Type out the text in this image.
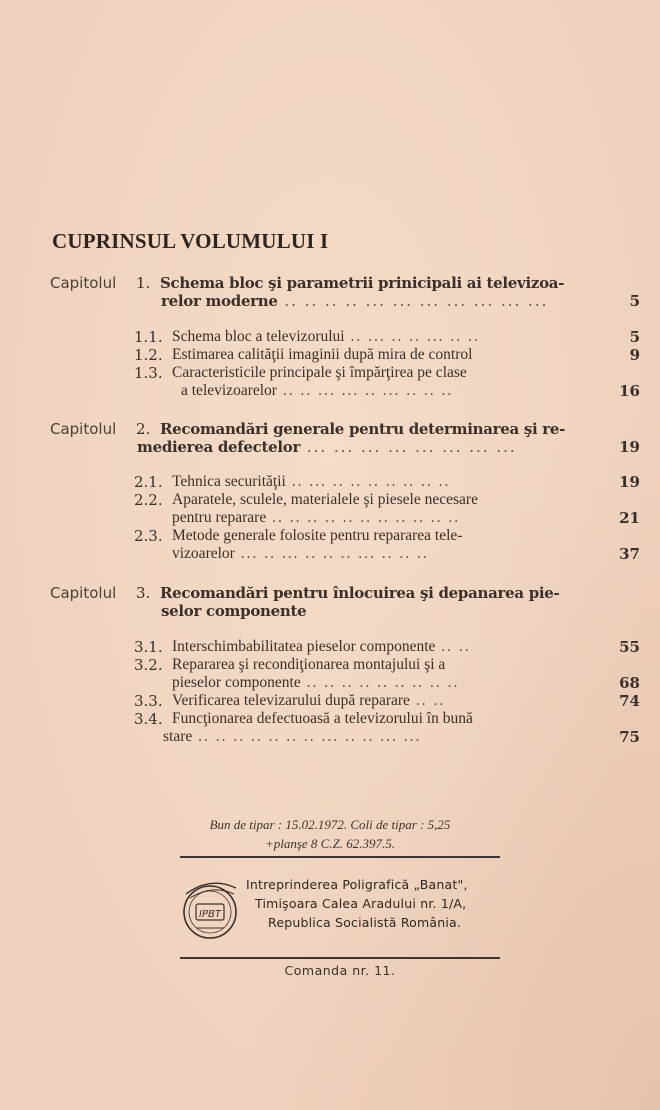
CUPRINSUL VOLUMULUI I
Capitolul 1. Schema bloc şi parametrii prinicipali ai televizoa-
relor moderne .. .. .. .. ... ... ... ... ... ... ...	5
1.1. Schema bloc a televizorului .. ... .. .. ... .. ..	5
1.2. Estimarea calităţii imaginii după mira de control	9
1.3. Caracteristicile principale şi împărţirea pe clase
a televizoarelor .. .. ... ... .. ... .. .. ..	16
Capitolul 2. Recomandări generale pentru determinarea şi re-
medierea defectelor ... ... ... ... ... ... ... ...	19
2.1. Tehnica securităţii .. ... .. .. .. .. .. .. ..	19
2.2. Aparatele, sculele, materialele şi piesele necesare
pentru reparare .. .. .. .. .. .. .. .. .. .. ..	21
2.3. Metode generale folosite pentru repararea tele-
vizoarelor ... .. ... .. .. .. ... .. .. ..	37
Capitolul 3. Recomandări pentru înlocuirea şi depanarea pie-
selor componente
3.1. Interschimbabilitatea pieselor componente .. ..	55
3.2. Repararea şi recondiţionarea montajului şi a
pieselor componente .. .. .. .. .. .. .. .. ..	68
3.3. Verificarea televizarului după reparare .. ..	74
3.4. Funcţionarea defectuoasă a televizorului în bună
stare .. .. .. .. .. .. .. ... .. .. ... ...	75
Bun de tipar : 15.02.1972. Coli de tipar : 5,25
+planşe 8 C.Z. 62.397.5.
IPBT
Intreprinderea Poligrafică „Banat",
Timişoara Calea Aradului nr. 1/A,
Republica Socialistă România.
Comanda nr. 11.
